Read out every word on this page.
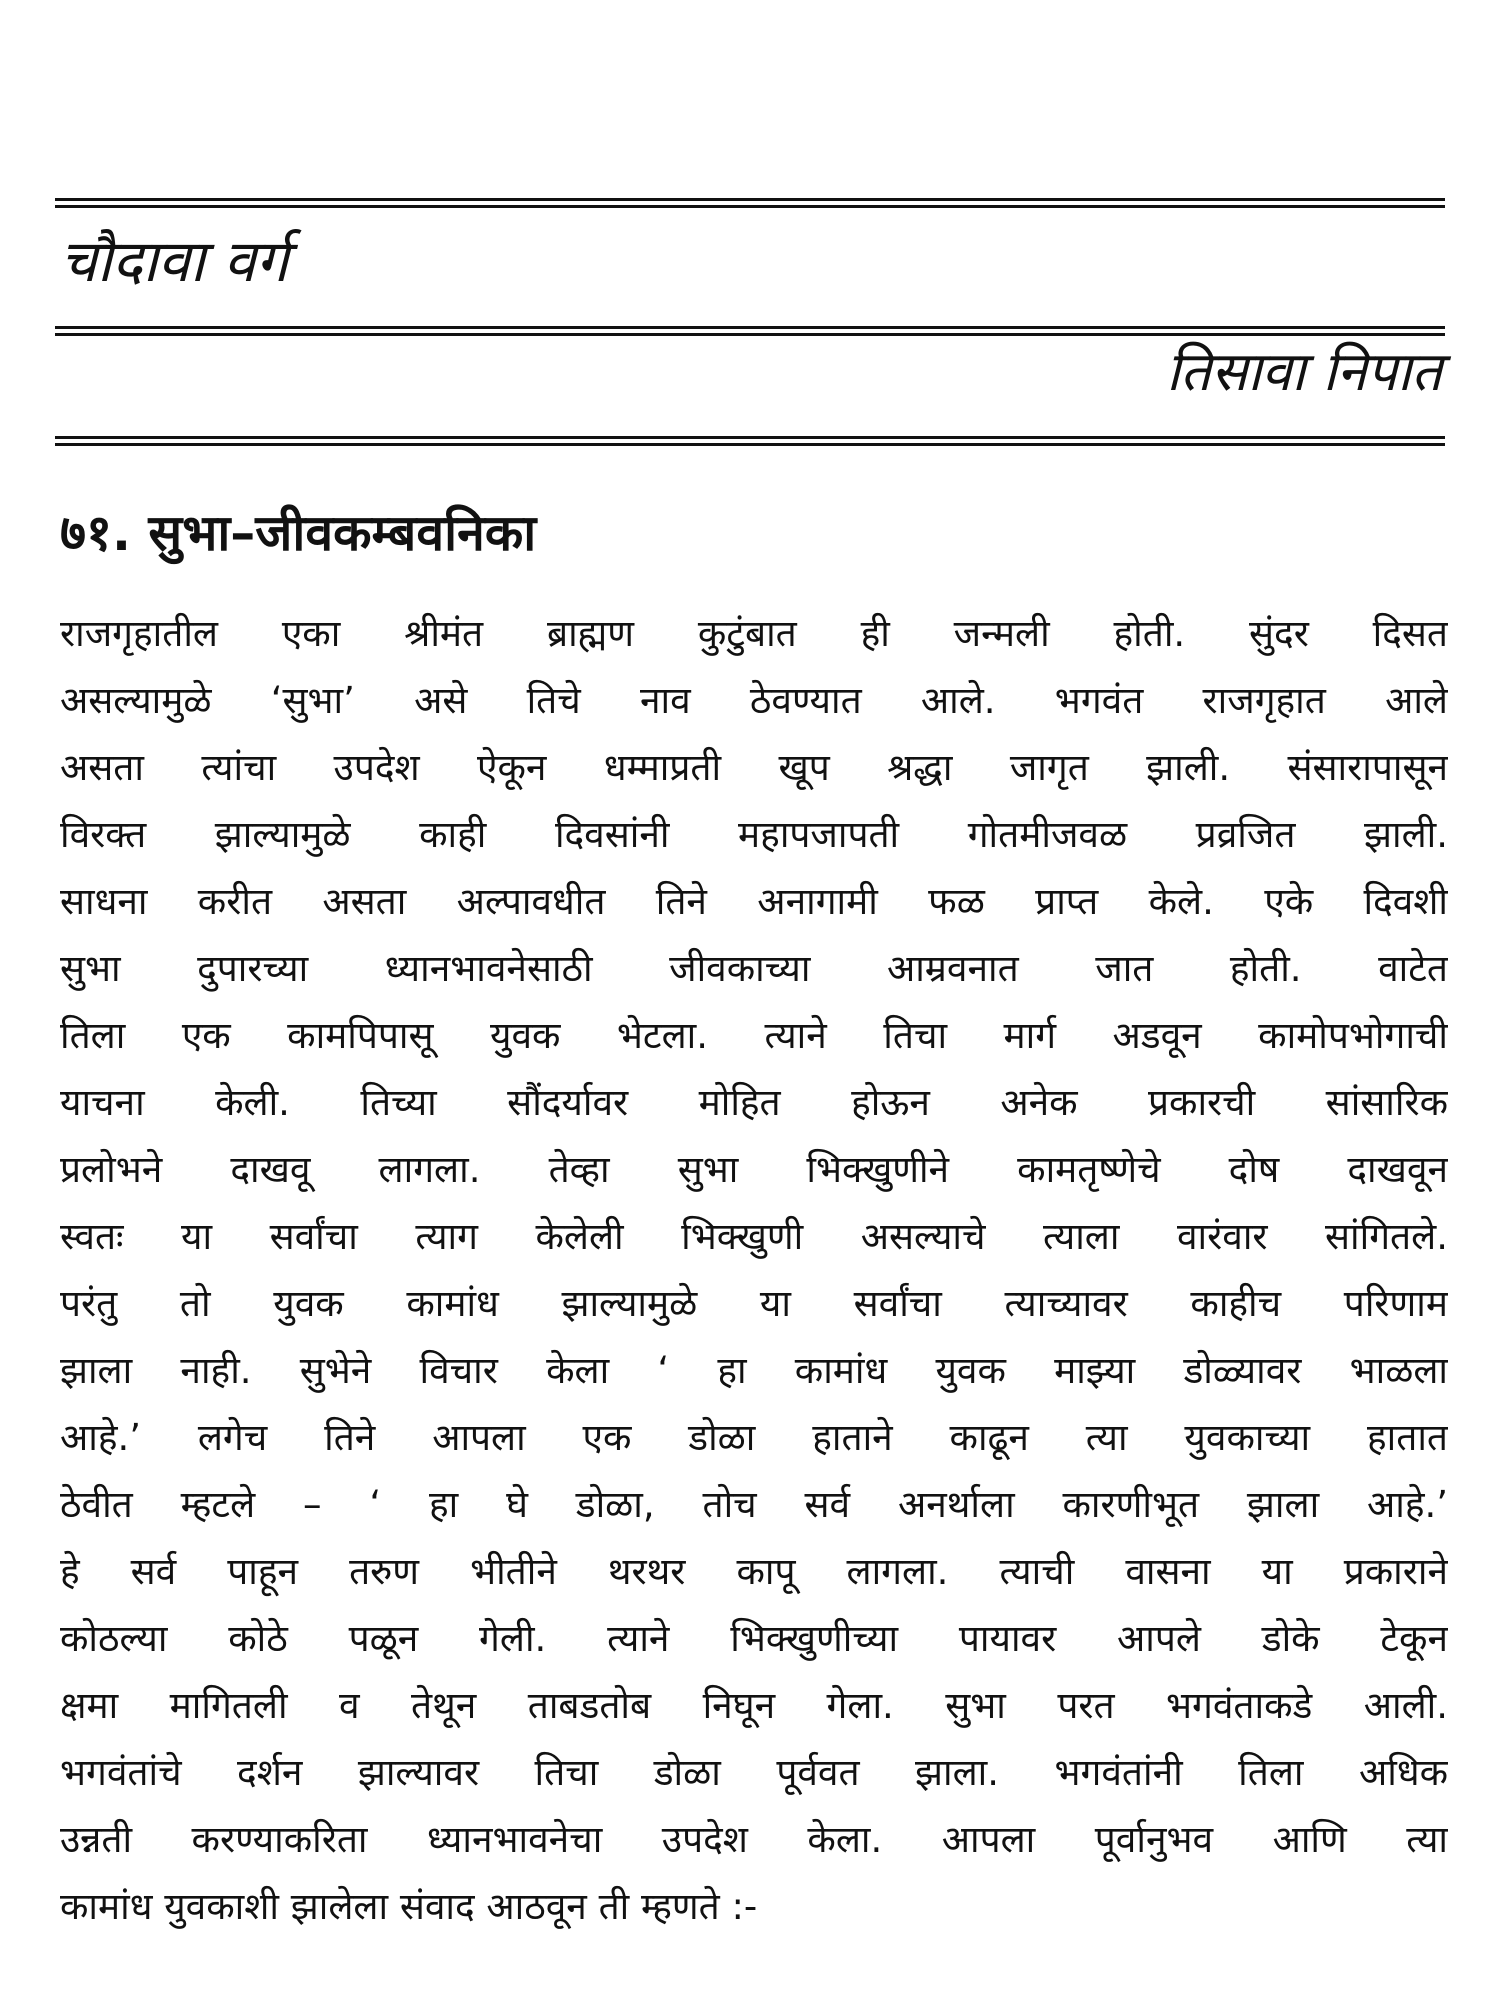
चौदावा वर्ग
तिसावा निपात
७१. सुभा–जीवकम्बवनिका
राजगृहातील एका श्रीमंत ब्राह्मण कुटुंबात ही जन्मली होती. सुंदर दिसत
असल्यामुळे ‘सुभा’ असे तिचे नाव ठेवण्यात आले. भगवंत राजगृहात आले
असता त्यांचा उपदेश ऐकून धम्माप्रती खूप श्रद्धा जागृत झाली. संसारापासून
विरक्त झाल्यामुळे काही दिवसांनी महापजापती गोतमीजवळ प्रव्रजित झाली.
साधना करीत असता अल्पावधीत तिने अनागामी फळ प्राप्त केले. एके दिवशी
सुभा दुपारच्या ध्यानभावनेसाठी जीवकाच्या आम्रवनात जात होती. वाटेत
तिला एक कामपिपासू युवक भेटला. त्याने तिचा मार्ग अडवून कामोपभोगाची
याचना केली. तिच्या सौंदर्यावर मोहित होऊन अनेक प्रकारची सांसारिक
प्रलोभने दाखवू लागला. तेव्हा सुभा भिक्खुणीने कामतृष्णेचे दोष दाखवून
स्वतः या सर्वांचा त्याग केलेली भिक्खुणी असल्याचे त्याला वारंवार सांगितले.
परंतु तो युवक कामांध झाल्यामुळे या सर्वांचा त्याच्यावर काहीच परिणाम
झाला नाही. सुभेने विचार केला ‘ हा कामांध युवक माझ्या डोळ्यावर भाळला
आहे.’ लगेच तिने आपला एक डोळा हाताने काढून त्या युवकाच्या हातात
ठेवीत म्हटले – ‘ हा घे डोळा, तोच सर्व अनर्थाला कारणीभूत झाला आहे.’
हे सर्व पाहून तरुण भीतीने थरथर कापू लागला. त्याची वासना या प्रकाराने
कोठल्या कोठे पळून गेली. त्याने भिक्खुणीच्या पायावर आपले डोके टेकून
क्षमा मागितली व तेथून ताबडतोब निघून गेला. सुभा परत भगवंताकडे आली.
भगवंतांचे दर्शन झाल्यावर तिचा डोळा पूर्ववत झाला. भगवंतांनी तिला अधिक
उन्नती करण्याकरिता ध्यानभावनेचा उपदेश केला. आपला पूर्वानुभव आणि त्या
कामांध युवकाशी झालेला संवाद आठवून ती म्हणते :-
